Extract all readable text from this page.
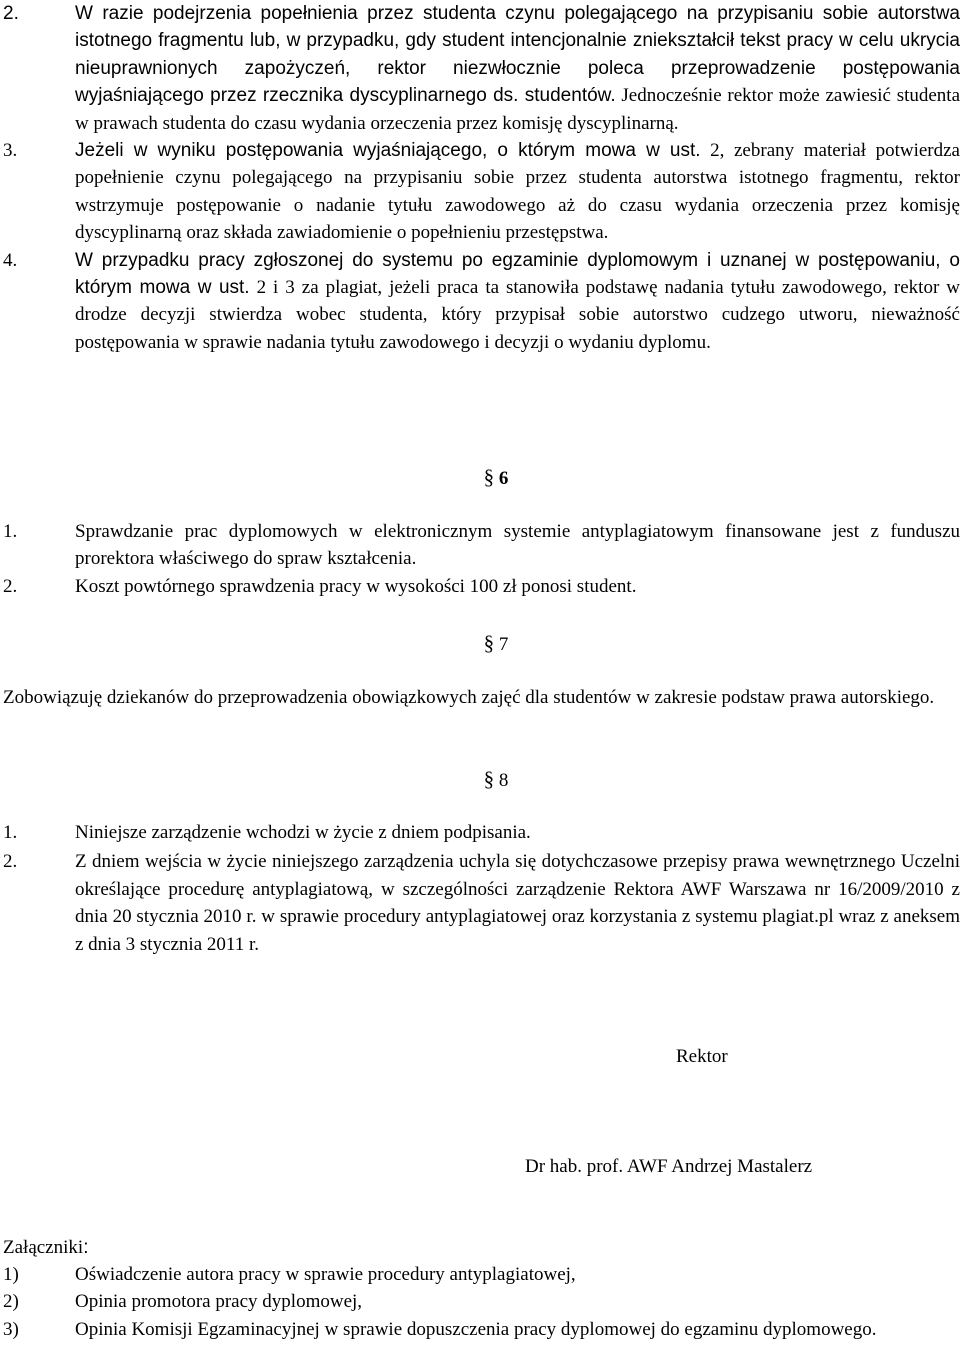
2.	W razie podejrzenia popełnienia przez studenta czynu polegającego na przypisaniu sobie autorstwa istotnego fragmentu lub, w przypadku, gdy student intencjonalnie zniekształcił tekst pracy w celu ukrycia nieuprawnionych zapożyczeń, rektor niezwłocznie poleca przeprowadzenie postępowania wyjaśniającego przez rzecznika dyscyplinarnego ds. studentów. Jednocześnie rektor może zawiesić studenta w prawach studenta do czasu wydania orzeczenia przez komisję dyscyplinarną.
3.	Jeżeli w wyniku postępowania wyjaśniającego, o którym mowa w ust. 2, zebrany materiał potwierdza popełnienie czynu polegającego na przypisaniu sobie przez studenta autorstwa istotnego fragmentu, rektor wstrzymuje postępowanie o nadanie tytułu zawodowego aż do czasu wydania orzeczenia przez komisję dyscyplinarną oraz składa zawiadomienie o popełnieniu przestępstwa.
4.	W przypadku pracy zgłoszonej do systemu po egzaminie dyplomowym i uznanej w postępowaniu, o którym mowa w ust. 2 i 3 za plagiat, jeżeli praca ta stanowiła podstawę nadania tytułu zawodowego, rektor w drodze decyzji stwierdza wobec studenta, który przypisał sobie autorstwo cudzego utworu, nieważność postępowania w sprawie nadania tytułu zawodowego i decyzji o wydaniu dyplomu.
§ 6
1.	Sprawdzanie prac dyplomowych w elektronicznym systemie antyplagiatowym finansowane jest z funduszu prorektora właściwego do spraw kształcenia.
2.	Koszt powtórnego sprawdzenia pracy w wysokości 100 zł ponosi student.
§ 7
Zobowiązuję dziekanów do przeprowadzenia obowiązkowych zajęć dla studentów w zakresie podstaw prawa autorskiego.
§ 8
1.	Niniejsze zarządzenie wchodzi w życie z dniem podpisania.
2.	Z dniem wejścia w życie niniejszego zarządzenia uchyla się dotychczasowe przepisy prawa wewnętrznego Uczelni określające procedurę antyplagiatową, w szczególności zarządzenie Rektora AWF Warszawa nr 16/2009/2010 z dnia 20 stycznia 2010 r. w sprawie procedury antyplagiatowej oraz korzystania z systemu plagiat.pl wraz z aneksem z dnia 3 stycznia 2011 r.
Rektor
Dr hab. prof. AWF Andrzej Mastalerz
Załączniki:
1)	Oświadczenie autora pracy w sprawie procedury antyplagiatowej,
2)	Opinia promotora pracy dyplomowej,
3)	Opinia Komisji Egzaminacyjnej w sprawie dopuszczenia pracy dyplomowej do egzaminu dyplomowego.
